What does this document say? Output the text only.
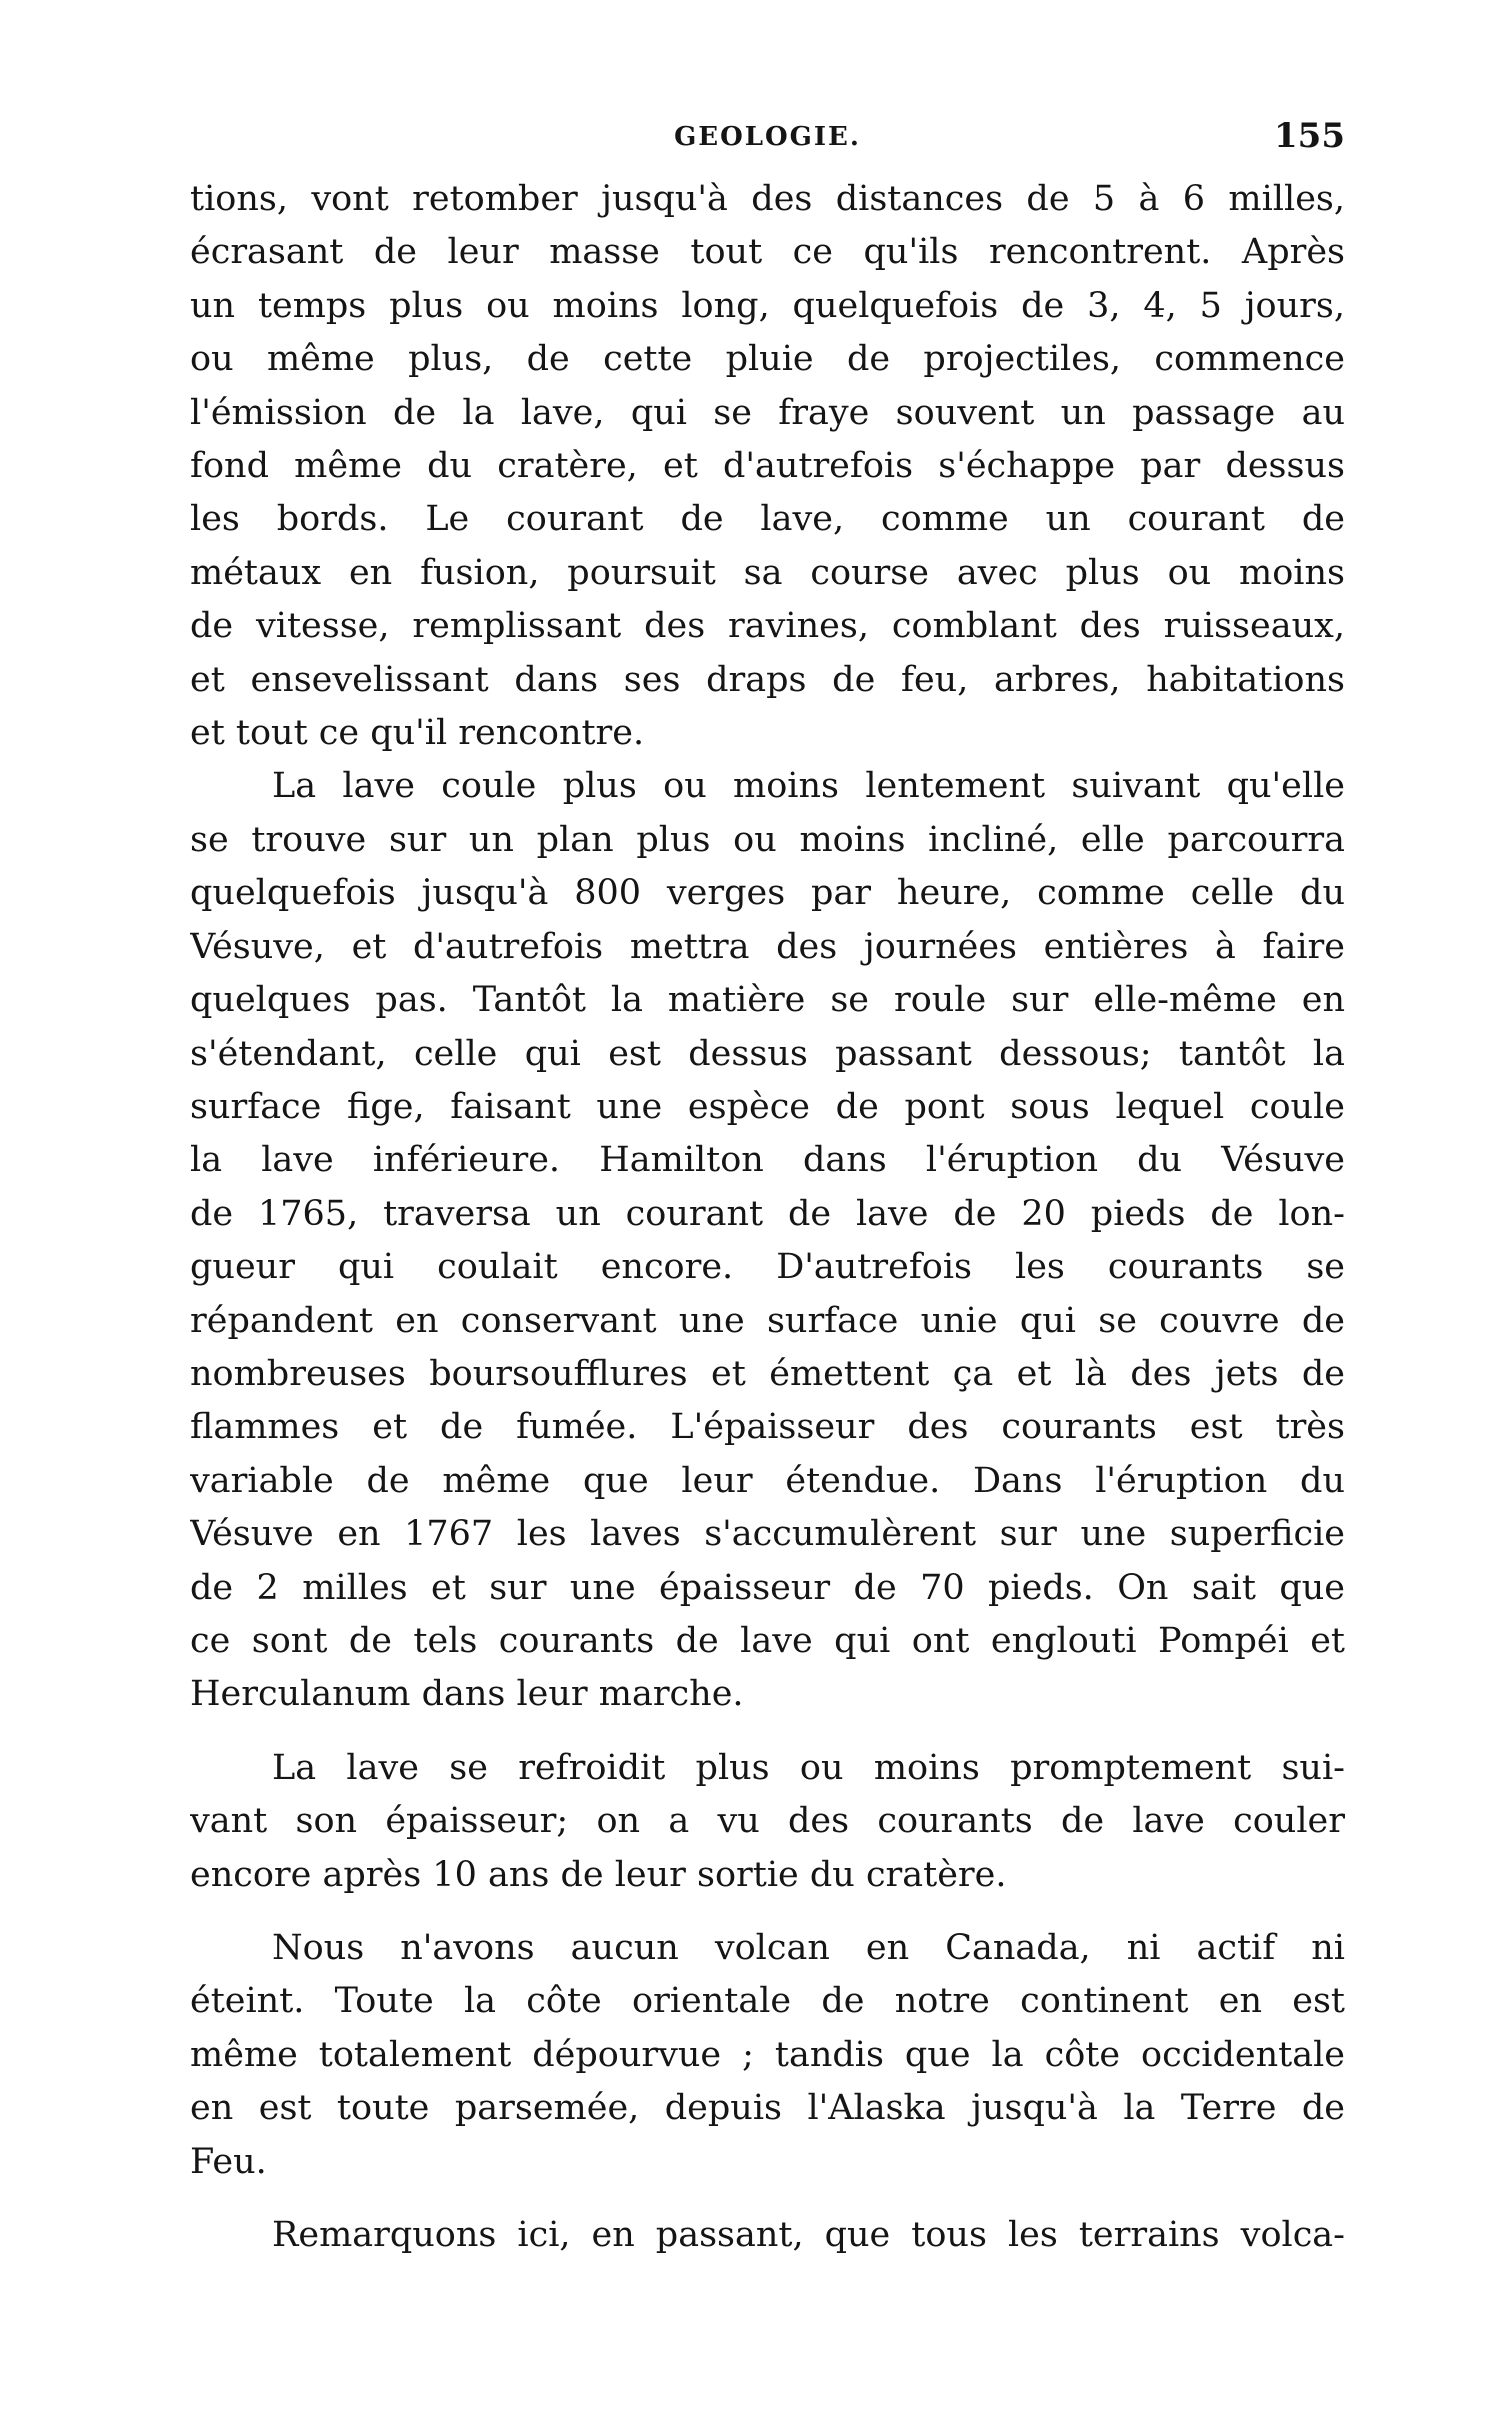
GEOLOGIE.	155

tions, vont retomber jusqu'à des distances de 5 à 6 milles,
écrasant de leur masse tout ce qu'ils rencontrent. Après
un temps plus ou moins long, quelquefois de 3, 4, 5 jours,
ou même plus, de cette pluie de projectiles, commence
l'émission de la lave, qui se fraye souvent un passage au
fond même du cratère, et d'autrefois s'échappe par dessus
les bords. Le courant de lave, comme un courant de
métaux en fusion, poursuit sa course avec plus ou moins
de vitesse, remplissant des ravines, comblant des ruisseaux,
et ensevelissant dans ses draps de feu, arbres, habitations
et tout ce qu'il rencontre.

La lave coule plus ou moins lentement suivant qu'elle
se trouve sur un plan plus ou moins incliné, elle parcourra
quelquefois jusqu'à 800 verges par heure, comme celle du
Vésuve, et d'autrefois mettra des journées entières à faire
quelques pas. Tantôt la matière se roule sur elle-même en
s'étendant, celle qui est dessus passant dessous; tantôt la
surface fige, faisant une espèce de pont sous lequel coule
la lave inférieure. Hamilton dans l'éruption du Vésuve
de 1765, traversa un courant de lave de 20 pieds de lon-
gueur qui coulait encore. D'autrefois les courants se
répandent en conservant une surface unie qui se couvre de
nombreuses boursoufflures et émettent ça et là des jets de
flammes et de fumée. L'épaisseur des courants est très
variable de même que leur étendue. Dans l'éruption du
Vésuve en 1767 les laves s'accumulèrent sur une superficie
de 2 milles et sur une épaisseur de 70 pieds. On sait que
ce sont de tels courants de lave qui ont englouti Pompéi et
Herculanum dans leur marche.

La lave se refroidit plus ou moins promptement sui-
vant son épaisseur; on a vu des courants de lave couler
encore après 10 ans de leur sortie du cratère.

Nous n'avons aucun volcan en Canada, ni actif ni
éteint. Toute la côte orientale de notre continent en est
même totalement dépourvue ; tandis que la côte occidentale
en est toute parsemée, depuis l'Alaska jusqu'à la Terre de
Feu.

Remarquons ici, en passant, que tous les terrains volca-
